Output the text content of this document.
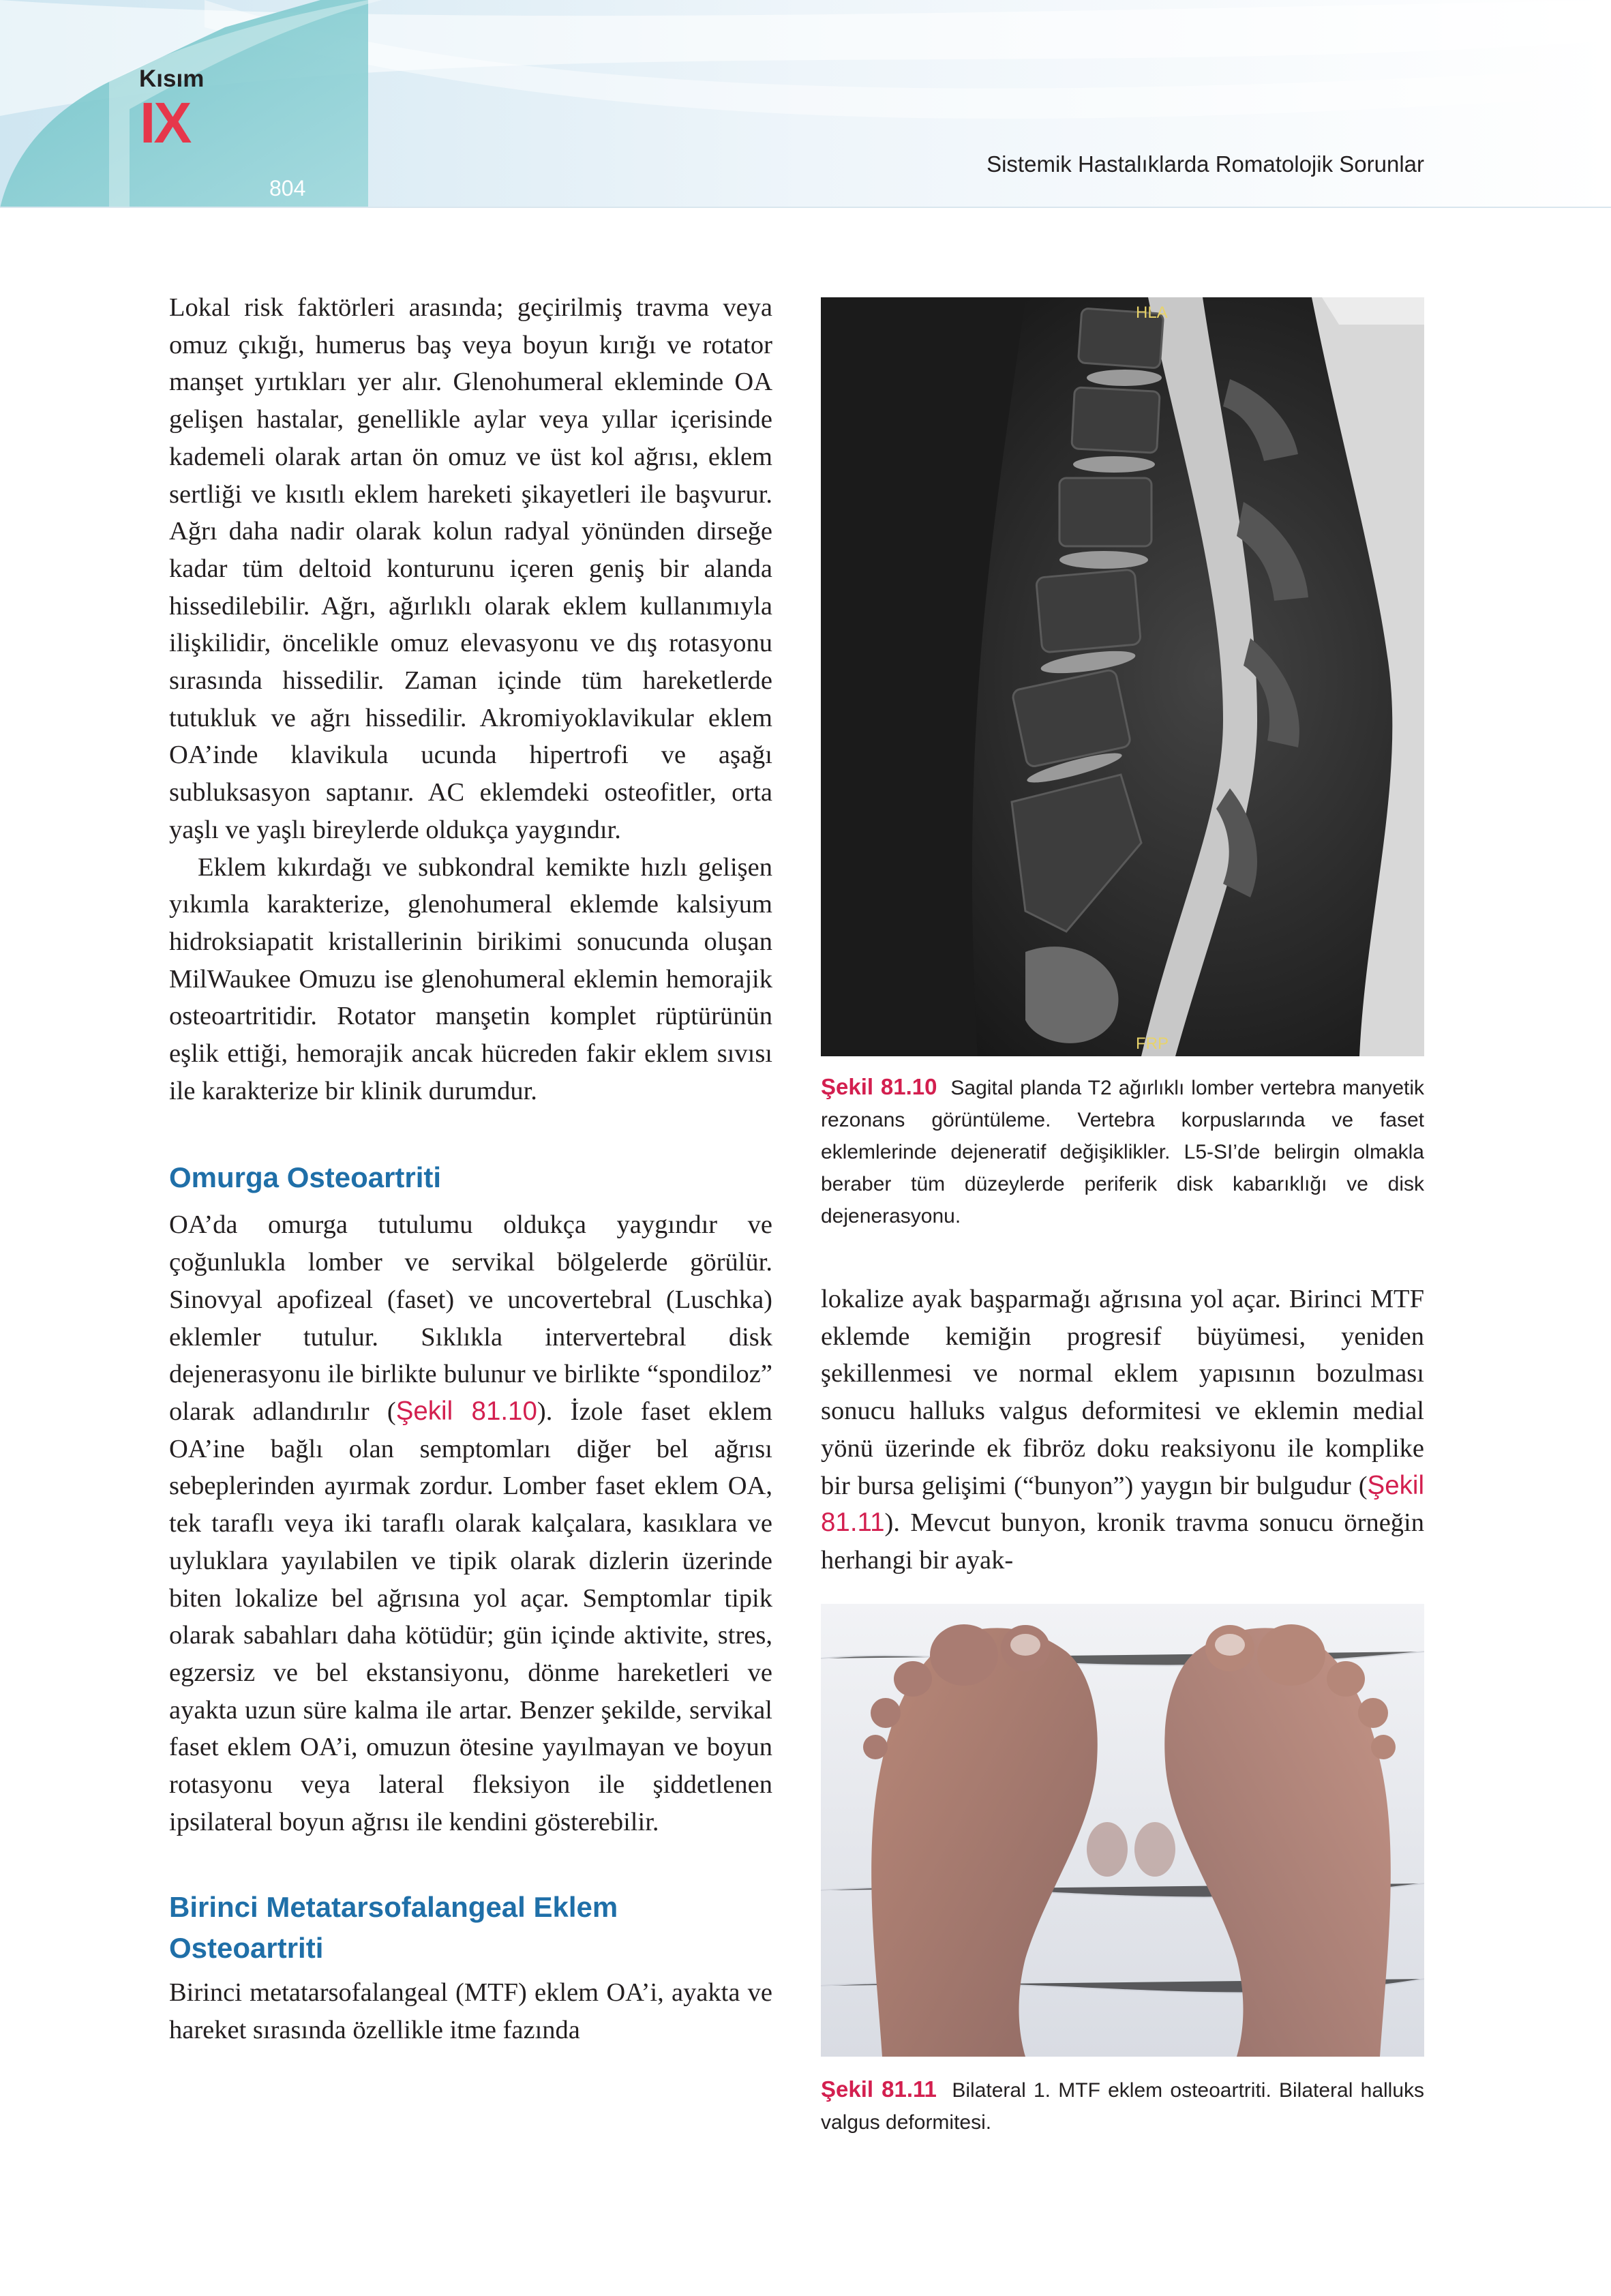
Kısım
IX
804
Sistemik Hastalıklarda Romatolojik Sorunlar

Lokal risk faktörleri arasında; geçirilmiş travma veya omuz çıkığı, humerus baş veya boyun kırığı ve rotator manşet yırtıkları yer alır. Glenohumeral ekleminde OA gelişen hastalar, genellikle aylar veya yıllar içerisinde kademeli olarak artan ön omuz ve üst kol ağrısı, eklem sertliği ve kısıtlı eklem hareketi şikayetleri ile başvurur. Ağrı daha nadir olarak kolun radyal yönünden dirseğe kadar tüm deltoid konturunu içeren geniş bir alanda hissedilebilir. Ağrı, ağırlıklı olarak eklem kullanımıyla ilişkilidir, öncelikle omuz elevasyonu ve dış rotasyonu sırasında hissedilir. Zaman içinde tüm hareketlerde tutukluk ve ağrı hissedilir. Akromiyoklavikular eklem OA’inde klavikula ucunda hipertrofi ve aşağı subluksasyon saptanır. AC eklemdeki osteofitler, orta yaşlı ve yaşlı bireylerde oldukça yaygındır.

Eklem kıkırdağı ve subkondral kemikte hızlı gelişen yıkımla karakterize, glenohumeral eklemde kalsiyum hidroksiapatit kristallerinin birikimi sonucunda oluşan MilWaukee Omuzu ise glenohumeral eklemin hemorajik osteoartritidir. Rotator manşetin komplet rüptürünün eşlik ettiği, hemorajik ancak hücreden fakir eklem sıvısı ile karakterize bir klinik durumdur.

Omurga Osteoartriti

OA’da omurga tutulumu oldukça yaygındır ve çoğunlukla lomber ve servikal bölgelerde görülür. Sinovyal apofizeal (faset) ve uncovertebral (Luschka) eklemler tutulur. Sıklıkla intervertebral disk dejenerasyonu ile birlikte bulunur ve birlikte “spondiloz” olarak adlandırılır (Şekil 81.10). İzole faset eklem OA’ine bağlı olan semptomları diğer bel ağrısı sebeplerinden ayırmak zordur. Lomber faset eklem OA, tek taraflı veya iki taraflı olarak kalçalara, kasıklara ve uyluklara yayılabilen ve tipik olarak dizlerin üzerinde biten lokalize bel ağrısına yol açar. Semptomlar tipik olarak sabahları daha kötüdür; gün içinde aktivite, stres, egzersiz ve bel ekstansiyonu, dönme hareketleri ve ayakta uzun süre kalma ile artar. Benzer şekilde, servikal faset eklem OA’i, omuzun ötesine yayılmayan ve boyun rotasyonu veya lateral fleksiyon ile şiddetlenen ipsilateral boyun ağrısı ile kendini gösterebilir.

Birinci Metatarsofalangeal Eklem Osteoartriti

Birinci metatarsofalangeal (MTF) eklem OA’i, ayakta ve hareket sırasında özellikle itme fazında

HLA
FRP
Şekil 81.10 Sagital planda T2 ağırlıklı lomber vertebra manyetik rezonans görüntüleme. Vertebra korpuslarında ve faset eklemlerinde dejeneratif değişiklikler. L5-SI’de belirgin olmakla beraber tüm düzeylerde periferik disk kabarıklığı ve disk dejenerasyonu.

lokalize ayak başparmağı ağrısına yol açar. Birinci MTF eklemde kemiğin progresif büyümesi, yeniden şekillenmesi ve normal eklem yapısının bozulması sonucu halluks valgus deformitesi ve eklemin medial yönü üzerinde ek fibröz doku reaksiyonu ile komplike bir bursa gelişimi (“bunyon”) yaygın bir bulgudur (Şekil 81.11). Mevcut bunyon, kronik travma sonucu örneğin herhangi bir ayak-

Şekil 81.11 Bilateral 1. MTF eklem osteoartriti. Bilateral halluks valgus deformitesi.
